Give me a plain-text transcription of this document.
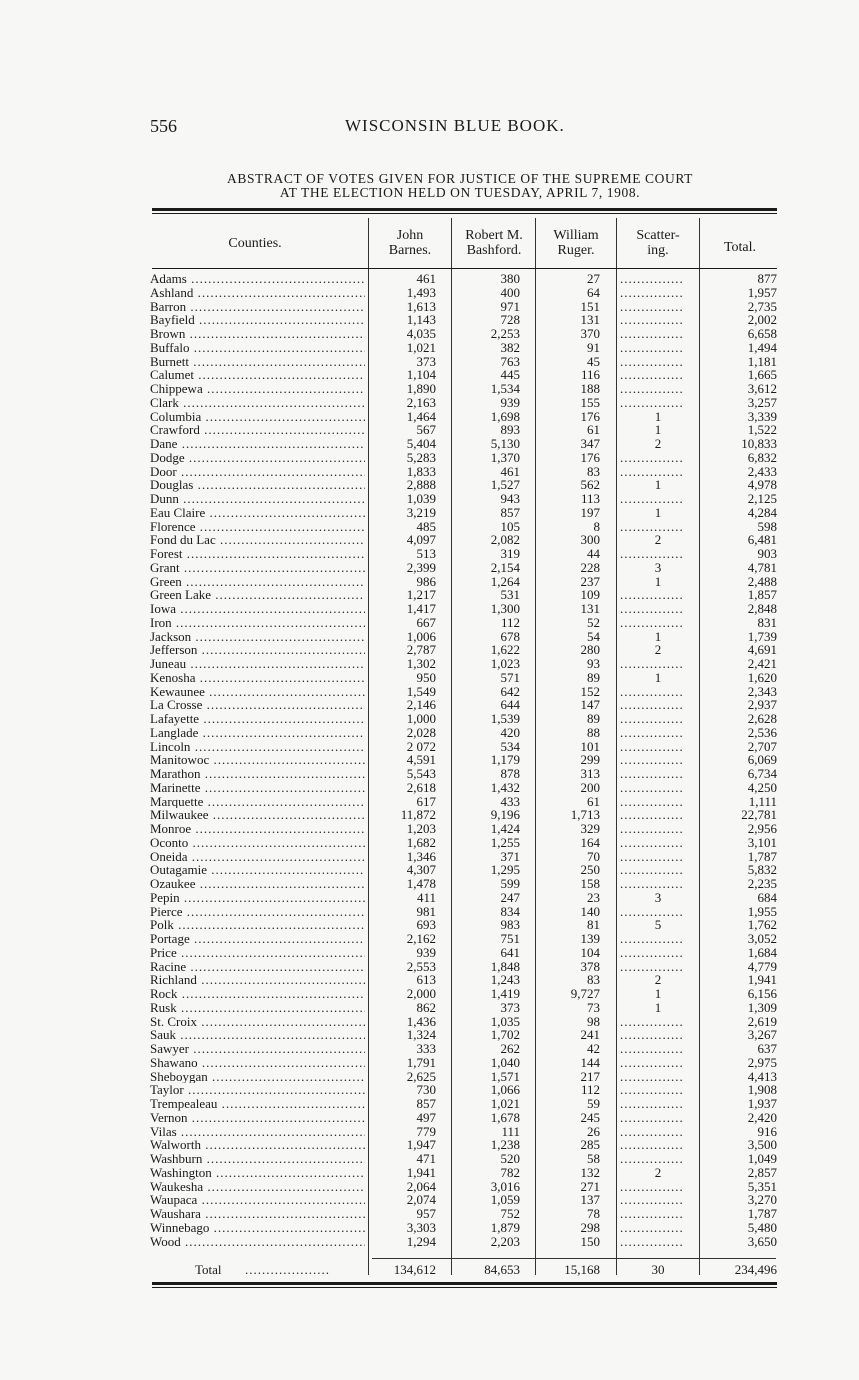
556	WISCONSIN BLUE BOOK.
ABSTRACT OF VOTES GIVEN FOR JUSTICE OF THE SUPREME COURT
AT THE ELECTION HELD ON TUESDAY, APRIL 7, 1908.
Counties.
John
Barnes.
Robert M.
Bashford.
William
Ruger.
Scatter-
ing.	Total.
Adams .....	461	380	27 ...............	877
Ashland .....	1,493	400	64 ...............	1,957
Barron .....	1,613	971	151 ...............	2,735
Bayfield .....	1,143	728	131 ...............	2,002
Brown .....	4,035	2,253	370 ...............	6,658
Buffalo .....	1,021	382	91 ...............	1,494
Burnett .....	373	763	45 ...............	1,181
Calumet .....	1,104	445	116 ...............	1,665
Chippewa .....	1,890	1,534	188 ...............	3,612
Clark .....	2,163	939	155 ...............	3,257
Columbia .....	1,464	1,698	176	1	3,339
Crawford .....	567	893	61	1	1,522
Dane .....	5,404	5,130	347	2	10,833
Dodge .....	5,283	1,370	176 ...............	6,832
Door .....	1,833	461	83 ...............	2,433
Douglas .....	2,888	1,527	562	1	4,978
Dunn .....	1,039	943	113 ...............	2,125
Eau Claire .....	3,219	857	197	1	4,284
Florence .....	485	105	8 ...............	598
Fond du Lac .....	4,097	2,082	300	2	6,481
Forest .....	513	319	44 ...............	903
Grant .....	2,399	2,154	228	3	4,781
Green .....	986	1,264	237	1	2,488
Green Lake .....	1,217	531	109 ...............	1,857
Iowa .....	1,417	1,300	131 ...............	2,848
Iron .....	667	112	52 ...............	831
Jackson .....	1,006	678	54	1	1,739
Jefferson .....	2,787	1,622	280	2	4,691
Juneau .....	1,302	1,023	93 ...............	2,421
Kenosha .....	950	571	89	1	1,620
Kewaunee .....	1,549	642	152 ...............	2,343
La Crosse .....	2,146	644	147 ...............	2,937
Lafayette .....	1,000	1,539	89 ...............	2,628
Langlade .....	2,028	420	88 ...............	2,536
Lincoln .....	2 072	534	101 ...............	2,707
Manitowoc .....	4,591	1,179	299 ...............	6,069
Marathon .....	5,543	878	313 ...............	6,734
Marinette .....	2,618	1,432	200 ...............	4,250
Marquette .....	617	433	61 ...............	1,111
Milwaukee .....	11,872	9,196	1,713 ...............	22,781
Monroe .....	1,203	1,424	329 ...............	2,956
Oconto .....	1,682	1,255	164 ...............	3,101
Oneida .....	1,346	371	70 ...............	1,787
Outagamie .....	4,307	1,295	250 ...............	5,832
Ozaukee .....	1,478	599	158 ...............	2,235
Pepin .....	411	247	23	3	684
Pierce .....	981	834	140 ...............	1,955
Polk .....	693	983	81	5	1,762
Portage .....	2,162	751	139 ...............	3,052
Price .....	939	641	104 ...............	1,684
Racine .....	2,553	1,848	378 ...............	4,779
Richland .....	613	1,243	83	2	1,941
Rock .....	2,000	1,419	9,727	1	6,156
Rusk .....	862	373	73	1	1,309
St. Croix .....	1,436	1,035	98 ...............	2,619
Sauk .....	1,324	1,702	241 ...............	3,267
Sawyer .....	333	262	42 ...............	637
Shawano .....	1,791	1,040	144 ...............	2,975
Sheboygan .....	2,625	1,571	217 ...............	4,413
Taylor .....	730	1,066	112 ...............	1,908
Trempealeau .....	857	1,021	59 ...............	1,937
Vernon .....	497	1,678	245 ...............	2,420
Vilas .....	779	111	26 ...............	916
Walworth .....	1,947	1,238	285 ...............	3,500
Washburn .....	471	520	58 ...............	1,049
Washington .....	1,941	782	132	2	2,857
Waukesha .....	2,064	3,016	271 ...............	5,351
Waupaca .....	2,074	1,059	137 ...............	3,270
Waushara .....	957	752	78 ...............	1,787
Winnebago .....	3,303	1,879	298 ...............	5,480
Wood .....	1,294	2,203	150 ...............	3,650
Total ....................	134,612	84,653	15,168	30	234,496
